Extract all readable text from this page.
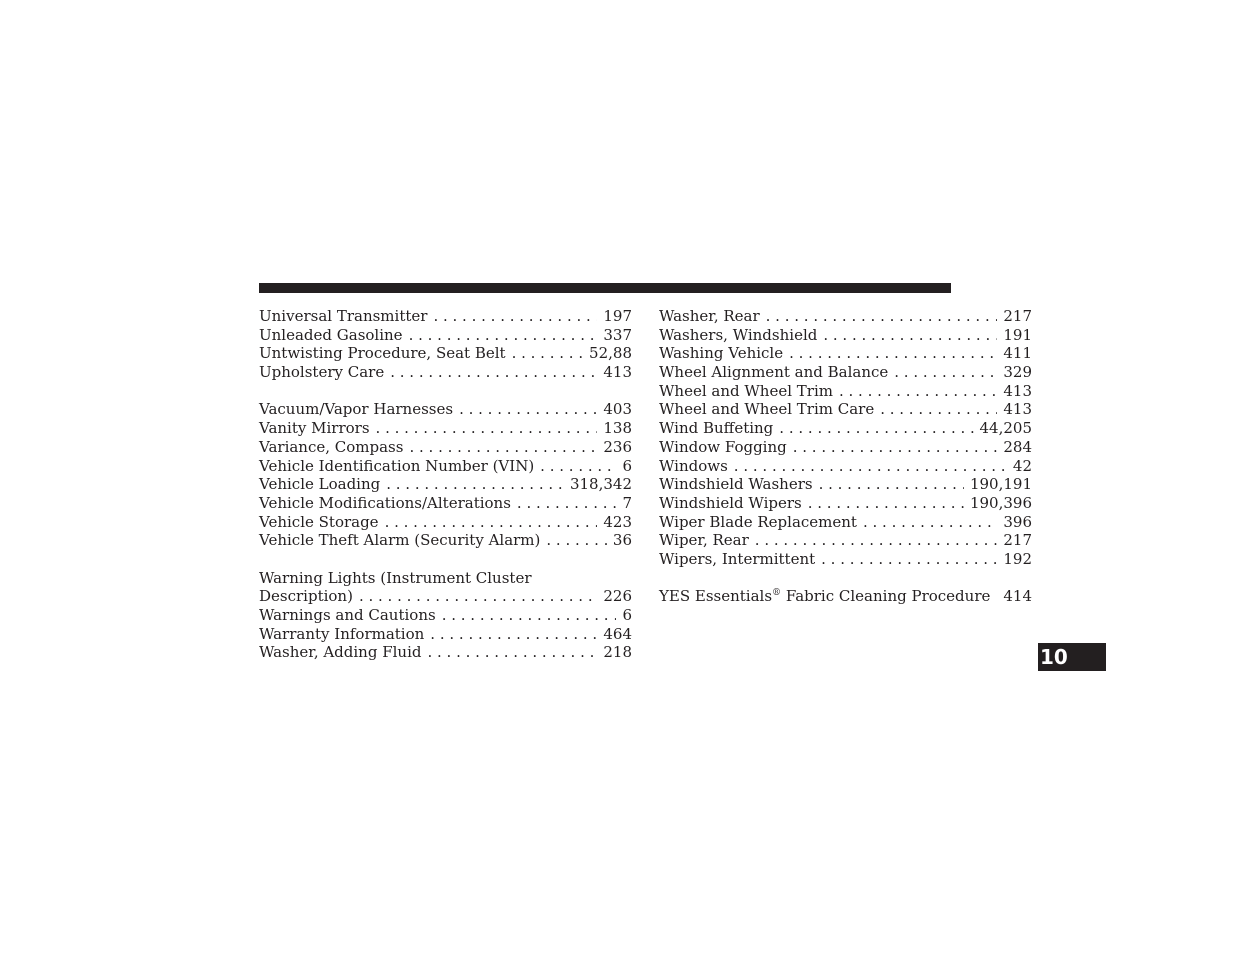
Universal Transmitter . . .	197
Unleaded Gasoline . . .	337
Untwisting Procedure, Seat Belt . . .	52,88
Upholstery Care . . .	413
Vacuum/Vapor Harnesses . . .	403
Vanity Mirrors . . .	138
Variance, Compass . . .	236
Vehicle Identification Number (VIN) . . .	6
Vehicle Loading . . .	318,342
Vehicle Modifications/Alterations . . .	7
Vehicle Storage . . .	423
Vehicle Theft Alarm (Security Alarm) . . .	36
Warning Lights (Instrument Cluster
Description) . . .	226
Warnings and Cautions . . .	6
Warranty Information . . .	464
Washer, Adding Fluid . . .	218
Washer, Rear . . .	217
Washers, Windshield . . .	191
Washing Vehicle . . .	411
Wheel Alignment and Balance . . .	329
Wheel and Wheel Trim . . .	413
Wheel and Wheel Trim Care . . .	413
Wind Buffeting . . .	44,205
Window Fogging . . .	284
Windows . . .	42
Windshield Washers . . .	190,191
Windshield Wipers . . .	190,396
Wiper Blade Replacement . . .	396
Wiper, Rear . . .	217
Wipers, Intermittent . . .	192
YES Essentials® Fabric Cleaning Procedure . . . 414
10
